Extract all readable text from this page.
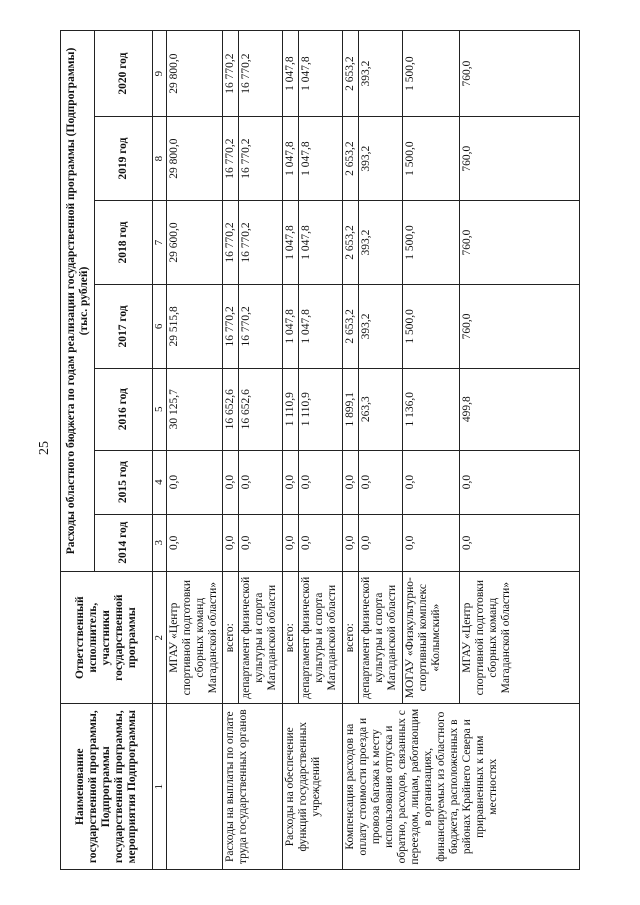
25
Наименование государственной программы, Подпрограммы государственной программы, мероприятия Подпрограммы	Ответственный исполнитель, участники государственной программы	Расходы областного бюджета по годам реализации государственной программы (Подпрограммы) (тыс. рублей)						
		2014 год	2015 год	2016 год	2017 год	2018 год	2019 год	2020 год
1	2	3	4	5	6	7	8	9
	МГАУ «Центр спортивной подготовки сборных команд Магаданской области»	0,0	0,0	30 125,7	29 515,8	29 600,0	29 800,0	29 800,0
Расходы на выплаты по оплате труда государственных органов	всего:	0,0	0,0	16 652,6	16 770,2	16 770,2	16 770,2	16 770,2
	департамент физической культуры и спорта Магаданской области	0,0	0,0	16 652,6	16 770,2	16 770,2	16 770,2	16 770,2
Расходы на обеспечение функций государственных учреждений	всего:	0,0	0,0	1 110,9	1 047,8	1 047,8	1 047,8	1 047,8
	департамент физической культуры и спорта Магаданской области	0,0	0,0	1 110,9	1 047,8	1 047,8	1 047,8	1 047,8
Компенсация расходов на оплату стоимости проезда и провоза багажа к месту использования отпуска и обратно, расходов, связанных с переездом, лицам, работающим в организациях, финансируемых из областного бюджета, расположенных в районах Крайнего Севера и приравненных к ним местностях	всего:	0,0	0,0	1 899,1	2 653,2	2 653,2	2 653,2	2 653,2
	департамент физической культуры и спорта Магаданской области	0,0	0,0	263,3	393,2	393,2	393,2	393,2
	МОГАУ «Физкультурно-спортивный комплекс «Колымский»	0,0	0,0	1 136,0	1 500,0	1 500,0	1 500,0	1 500,0
	МГАУ «Центр спортивной подготовки сборных команд Магаданской области»	0,0	0,0	499,8	760,0	760,0	760,0	760,0
